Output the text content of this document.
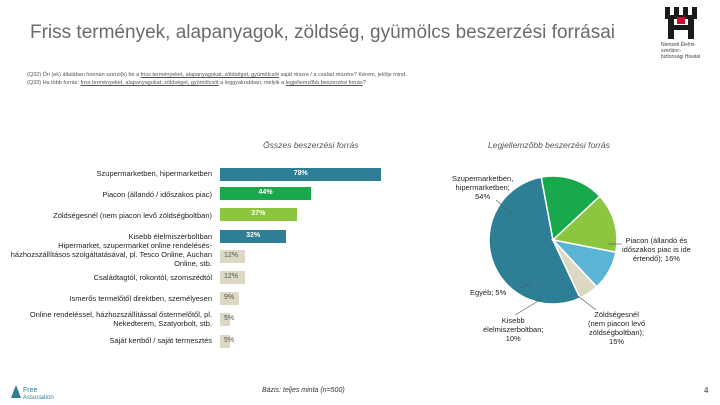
Friss termények, alapanyagok, zöldség, gyümölcs beszerzési forrásai
Nemzeti Élelmi-
szerlánc-
biztonsági Hivatal
(Q32) Ön (ek) általában honnan szerzi(k) be a friss terményeket, alapanyagokat, zöldséget, gyümölcsöt saját részre / a család részére? Kérem, jelölje mind.
(Q33) Ha több forrás: friss terményeket, alapanyagokat, zöldséget, gyümölcsöt a leggyakrabban, melyik a legjellemzőbb beszerzési forrás?
Összes beszerzési forrás	Legjellemzőbb beszerzési forrás
Szupermarketben, hipermarketben
Piacon (állandó / időszakos piac)
Zöldségesnél (nem piacon levő zöldségboltban)
Kisebb élelmiszerboltban
Hipermarket, szupermarket online rendelésés-házhozszállításos szolgáltatásával, pl. Tesco Online, Auchan Online, stb.
Családtagtól, rokontól, szomszédtól
Ismerős termelőtől direktben, személyesen
Online rendeléssel, házhozszállítással őstermelőtől, pl. Nekedterem, Szatyorbolt, stb.
Saját kertből / saját termesztés
78%
44%
37%
32%
12%
12%
9%
5%
5%
Szupermarketben,
hipermarketben;
54%
Piacon (állandó és
időszakos piac is ide
értendő); 16%
Egyéb; 5%
Kisebb
élelmiszerboltban;
10%
Zöldségesnél
(nem piacon levő
zöldségboltban);
15%
Bázis: teljes minta (n=500)	4
Free
Association
